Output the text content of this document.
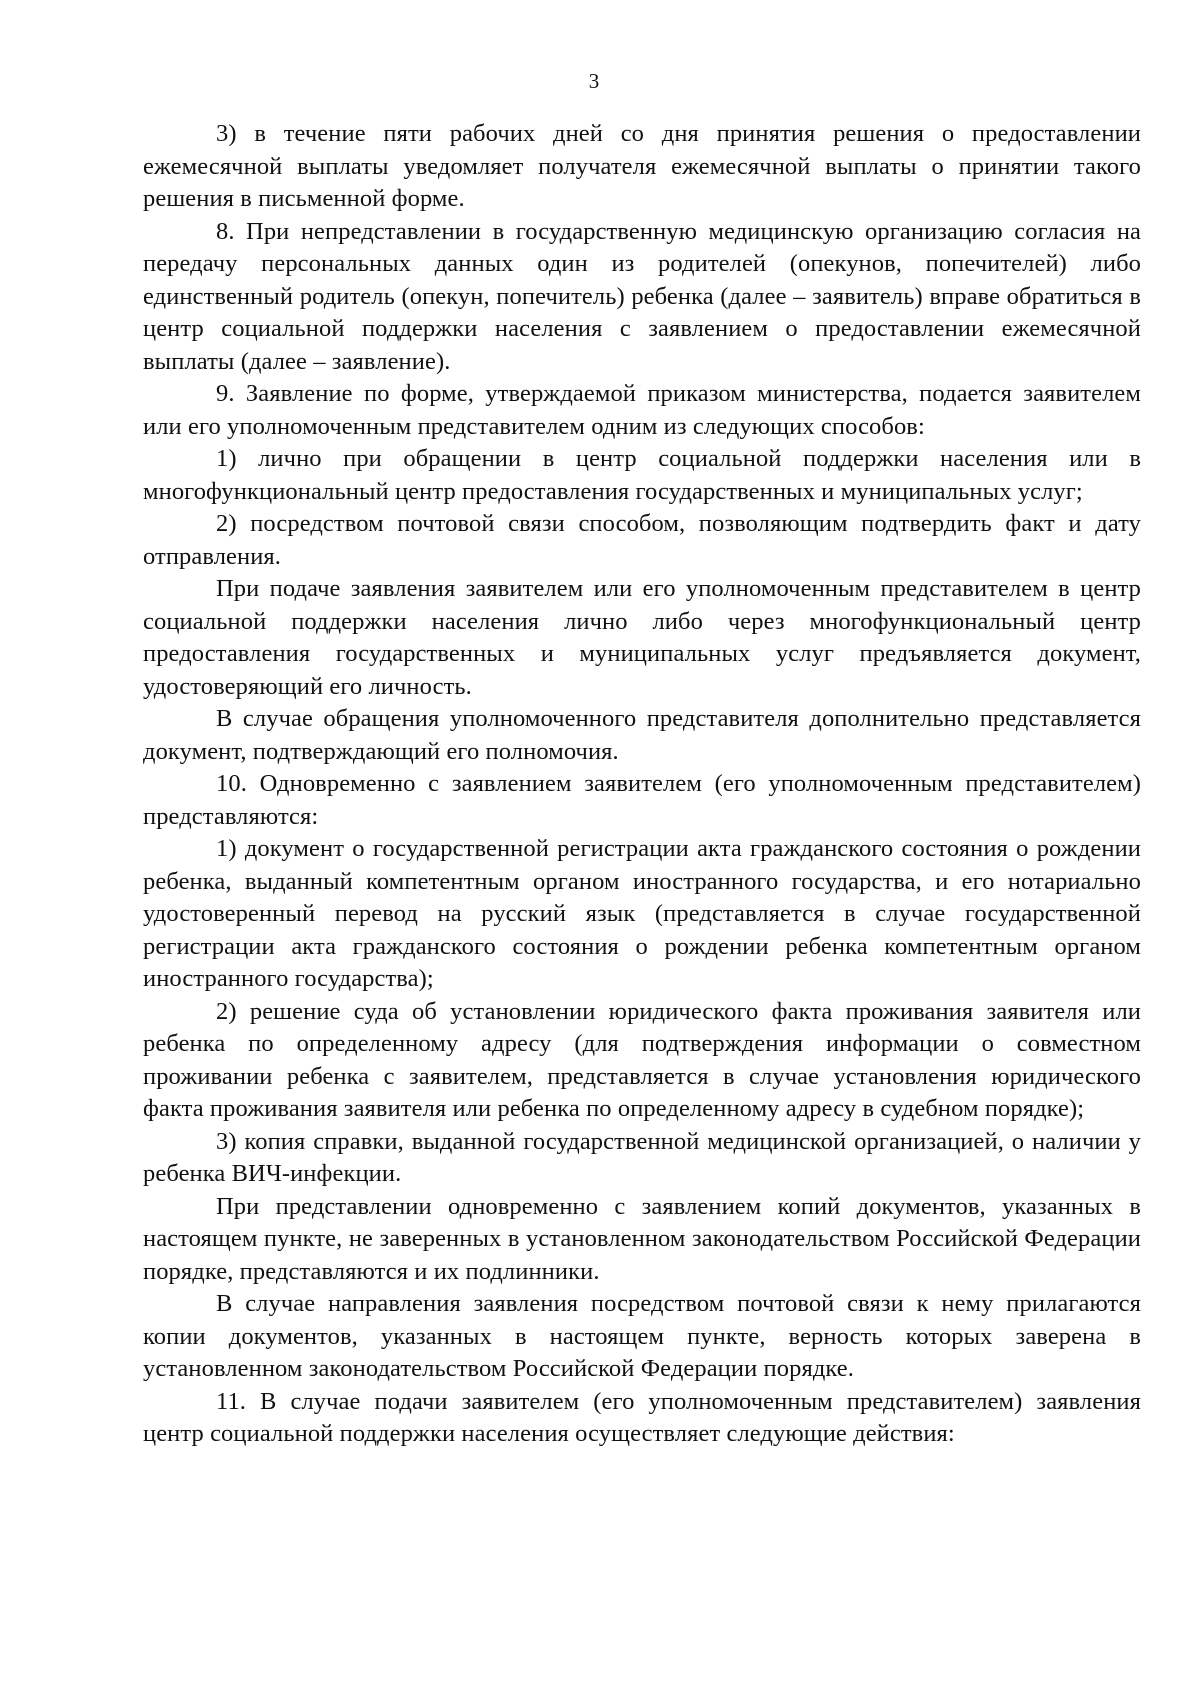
3

3) в течение пяти рабочих дней со дня принятия решения о предоставлении ежемесячной выплаты уведомляет получателя ежемесячной выплаты о принятии такого решения в письменной форме.

8. При непредставлении в государственную медицинскую организацию согласия на передачу персональных данных один из родителей (опекунов, попечителей) либо единственный родитель (опекун, попечитель) ребенка (далее – заявитель) вправе обратиться в центр социальной поддержки населения с заявлением о предоставлении ежемесячной выплаты (далее – заявление).

9. Заявление по форме, утверждаемой приказом министерства, подается заявителем или его уполномоченным представителем одним из следующих способов:

1) лично при обращении в центр социальной поддержки населения или в многофункциональный центр предоставления государственных и муниципальных услуг;

2) посредством почтовой связи способом, позволяющим подтвердить факт и дату отправления.

При подаче заявления заявителем или его уполномоченным представителем в центр социальной поддержки населения лично либо через многофункциональный центр предоставления государственных и муниципальных услуг предъявляется документ, удостоверяющий его личность.

В случае обращения уполномоченного представителя дополнительно представляется документ, подтверждающий его полномочия.

10. Одновременно с заявлением заявителем (его уполномоченным представителем) представляются:

1) документ о государственной регистрации акта гражданского состояния о рождении ребенка, выданный компетентным органом иностранного государства, и его нотариально удостоверенный перевод на русский язык (представляется в случае государственной регистрации акта гражданского состояния о рождении ребенка компетентным органом иностранного государства);

2) решение суда об установлении юридического факта проживания заявителя или ребенка по определенному адресу (для подтверждения информации о совместном проживании ребенка с заявителем, представляется в случае установления юридического факта проживания заявителя или ребенка по определенному адресу в судебном порядке);

3) копия справки, выданной государственной медицинской организацией, о наличии у ребенка ВИЧ-инфекции.

При представлении одновременно с заявлением копий документов, указанных в настоящем пункте, не заверенных в установленном законодательством Российской Федерации порядке, представляются и их подлинники.

В случае направления заявления посредством почтовой связи к нему прилагаются копии документов, указанных в настоящем пункте, верность которых заверена в установленном законодательством Российской Федерации порядке.

11. В случае подачи заявителем (его уполномоченным представителем) заявления центр социальной поддержки населения осуществляет следующие действия:
